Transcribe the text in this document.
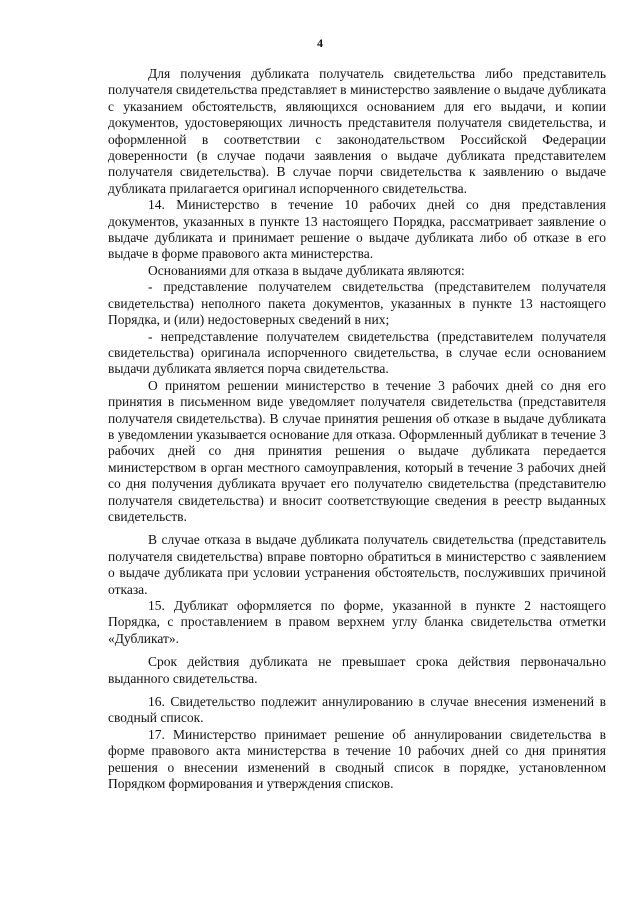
4

Для получения дубликата получатель свидетельства либо представитель получателя свидетельства представляет в министерство заявление о выдаче дубликата с указанием обстоятельств, являющихся основанием для его выдачи, и копии документов, удостоверяющих личность представителя получателя свидетельства, и оформленной в соответствии с законодательством Российской Федерации доверенности (в случае подачи заявления о выдаче дубликата представителем получателя свидетельства). В случае порчи свидетельства к заявлению о выдаче дубликата прилагается оригинал испорченного свидетельства.

14. Министерство в течение 10 рабочих дней со дня представления документов, указанных в пункте 13 настоящего Порядка, рассматривает заявление о выдаче дубликата и принимает решение о выдаче дубликата либо об отказе в его выдаче в форме правового акта министерства.

Основаниями для отказа в выдаче дубликата являются:

- представление получателем свидетельства (представителем получателя свидетельства) неполного пакета документов, указанных в пункте 13 настоящего Порядка, и (или) недостоверных сведений в них;

- непредставление получателем свидетельства (представителем получателя свидетельства) оригинала испорченного свидетельства, в случае если основанием выдачи дубликата является порча свидетельства.

О принятом решении министерство в течение 3 рабочих дней со дня его принятия в письменном виде уведомляет получателя свидетельства (представителя получателя свидетельства). В случае принятия решения об отказе в выдаче дубликата в уведомлении указывается основание для отказа. Оформленный дубликат в течение 3 рабочих дней со дня принятия решения о выдаче дубликата передается министерством в орган местного самоуправления, который в течение 3 рабочих дней со дня получения дубликата вручает его получателю свидетельства (представителю получателя свидетельства) и вносит соответствующие сведения в реестр выданных свидетельств.

В случае отказа в выдаче дубликата получатель свидетельства (представитель получателя свидетельства) вправе повторно обратиться в министерство с заявлением о выдаче дубликата при условии устранения обстоятельств, послуживших причиной отказа.

15. Дубликат оформляется по форме, указанной в пункте 2 настоящего Порядка, с проставлением в правом верхнем углу бланка свидетельства отметки «Дубликат».

Срок действия дубликата не превышает срока действия первоначально выданного свидетельства.

16. Свидетельство подлежит аннулированию в случае внесения изменений в сводный список.

17. Министерство принимает решение об аннулировании свидетельства в форме правового акта министерства в течение 10 рабочих дней со дня принятия решения о внесении изменений в сводный список в порядке, установленном Порядком формирования и утверждения списков.
